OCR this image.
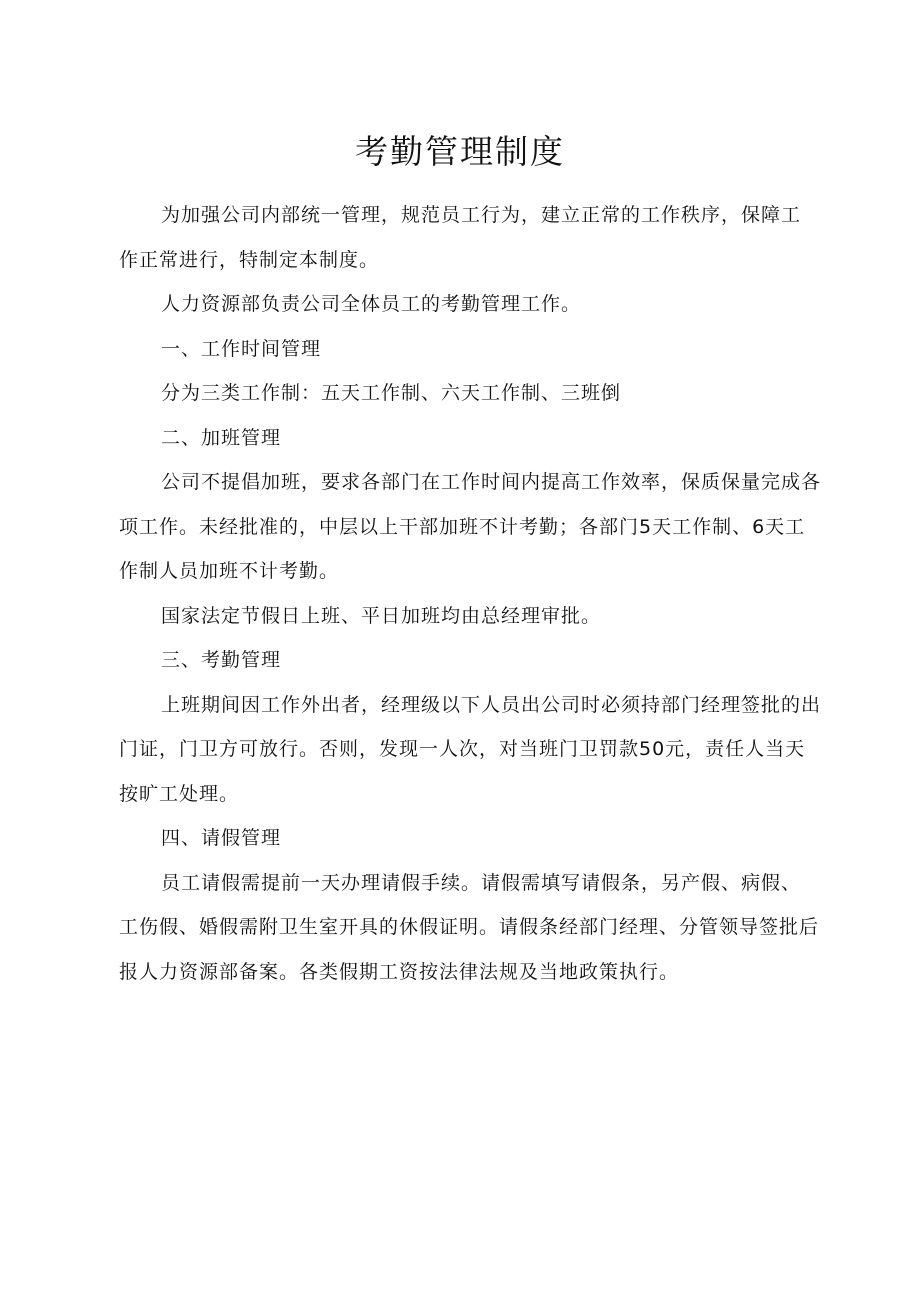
考勤管理制度

为加强公司内部统一管理，规范员工行为，建立正常的工作秩序，保障工
作正常进行，特制定本制度。

人力资源部负责公司全体员工的考勤管理工作。

一、工作时间管理

分为三类工作制：五天工作制、六天工作制、三班倒

二、加班管理

公司不提倡加班，要求各部门在工作时间内提高工作效率，保质保量完成各
项工作。未经批准的，中层以上干部加班不计考勤；各部门5天工作制、6天工
作制人员加班不计考勤。

国家法定节假日上班、平日加班均由总经理审批。

三、考勤管理

上班期间因工作外出者，经理级以下人员出公司时必须持部门经理签批的出
门证，门卫方可放行。否则，发现一人次，对当班门卫罚款50元，责任人当天
按旷工处理。

四、请假管理

员工请假需提前一天办理请假手续。请假需填写请假条，另产假、病假、
工伤假、婚假需附卫生室开具的休假证明。请假条经部门经理、分管领导签批后
报人力资源部备案。各类假期工资按法律法规及当地政策执行。
